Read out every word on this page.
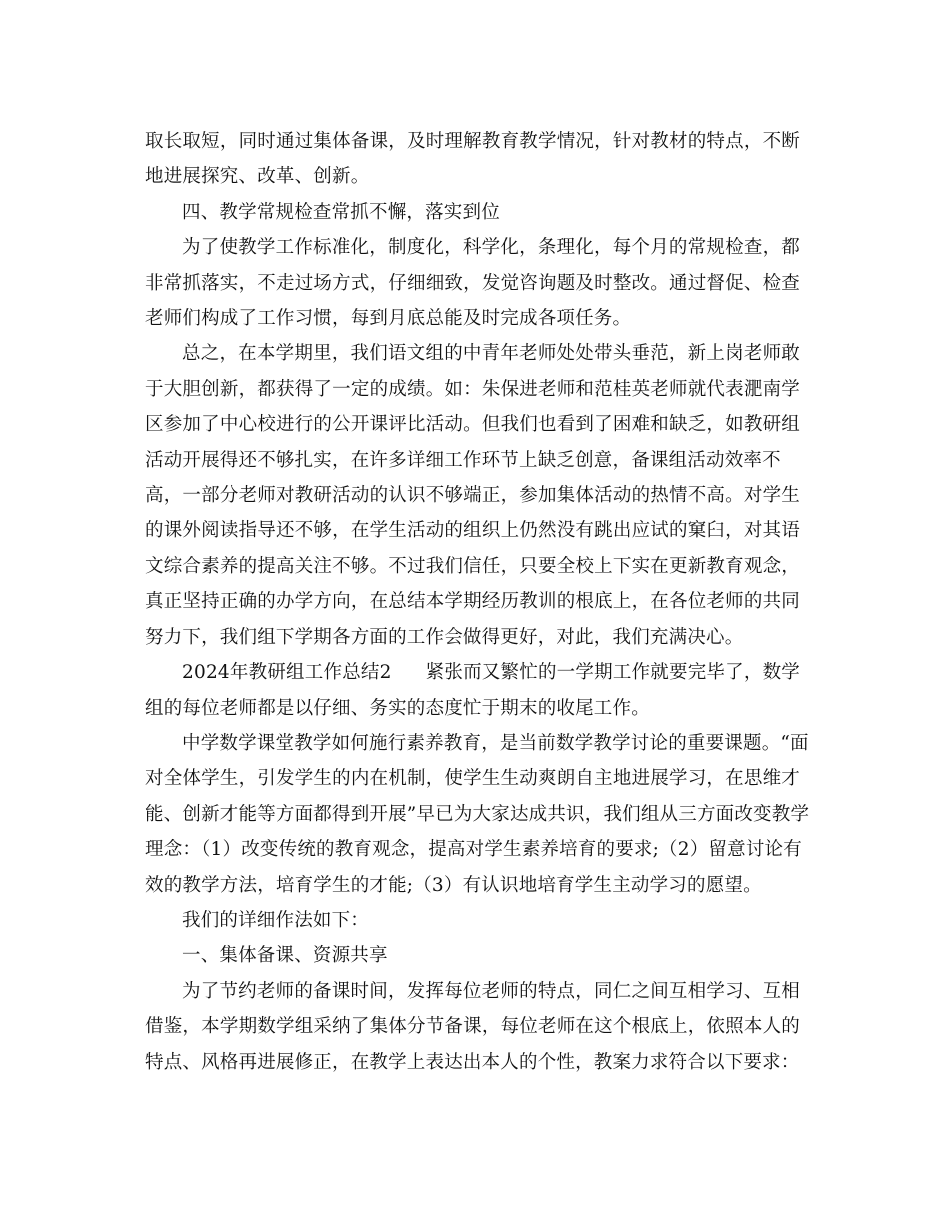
取长取短，同时通过集体备课，及时理解教育教学情况，针对教材的特点，不断
地进展探究、改革、创新。
四、教学常规检查常抓不懈，落实到位
为了使教学工作标准化，制度化，科学化，条理化，每个月的常规检查，都
非常抓落实，不走过场方式，仔细细致，发觉咨询题及时整改。通过督促、检查
老师们构成了工作习惯，每到月底总能及时完成各项任务。
总之，在本学期里，我们语文组的中青年老师处处带头垂范，新上岗老师敢
于大胆创新，都获得了一定的成绩。如：朱保进老师和范桂英老师就代表淝南学
区参加了中心校进行的公开课评比活动。但我们也看到了困难和缺乏，如教研组
活动开展得还不够扎实，在许多详细工作环节上缺乏创意，备课组活动效率不
高，一部分老师对教研活动的认识不够端正，参加集体活动的热情不高。对学生
的课外阅读指导还不够，在学生活动的组织上仍然没有跳出应试的窠臼，对其语
文综合素养的提高关注不够。不过我们信任，只要全校上下实在更新教育观念，
真正坚持正确的办学方向，在总结本学期经历教训的根底上，在各位老师的共同
努力下，我们组下学期各方面的工作会做得更好，对此，我们充满决心。
2024年教研组工作总结2 紧张而又繁忙的一学期工作就要完毕了，数学
组的每位老师都是以仔细、务实的态度忙于期末的收尾工作。
中学数学课堂教学如何施行素养教育，是当前数学教学讨论的重要课题。“面
对全体学生，引发学生的内在机制，使学生生动爽朗自主地进展学习，在思维才
能、创新才能等方面都得到开展”早已为大家达成共识，我们组从三方面改变教学
理念：（1）改变传统的教育观念，提高对学生素养培育的要求;（2）留意讨论有
效的教学方法，培育学生的才能;（3）有认识地培育学生主动学习的愿望。
我们的详细作法如下：
一、集体备课、资源共享
为了节约老师的备课时间，发挥每位老师的特点，同仁之间互相学习、互相
借鉴，本学期数学组采纳了集体分节备课，每位老师在这个根底上，依照本人的
特点、风格再进展修正，在教学上表达出本人的个性，教案力求符合以下要求：
